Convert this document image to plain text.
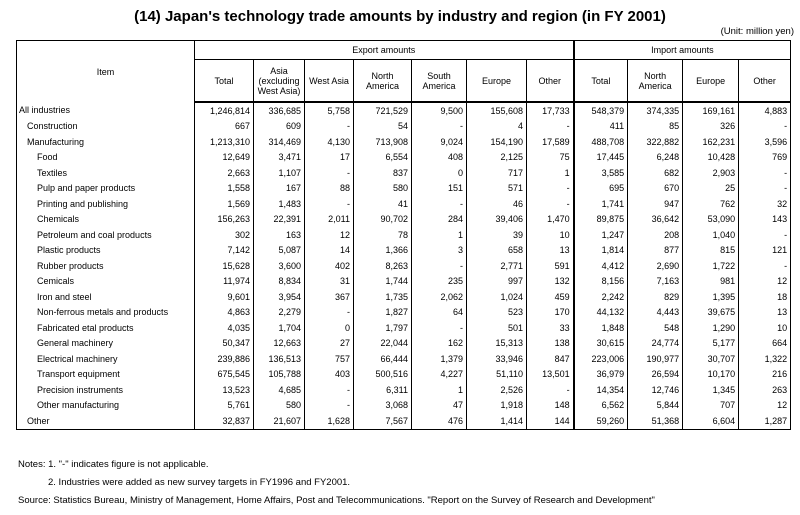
(14) Japan's technology trade amounts by industry and region (in FY 2001)
(Unit: million yen)
Item	Export amounts							Import amounts			
	Total	Asia
(excluding
West Asia)	West Asia	North
America	South
America	Europe	Other	Total	North
America	Europe	Other
All industries	1,246,814	336,685	5,758	721,529	9,500	155,608	17,733	548,379	374,335	169,161	4,883
Construction	667	609	-	54	-	4	-	411	85	326	-
Manufacturing	1,213,310	314,469	4,130	713,908	9,024	154,190	17,589	488,708	322,882	162,231	3,596
Food	12,649	3,471	17	6,554	408	2,125	75	17,445	6,248	10,428	769
Textiles	2,663	1,107	-	837	0	717	1	3,585	682	2,903	-
Pulp and paper products	1,558	167	88	580	151	571	-	695	670	25	-
Printing and publishing	1,569	1,483	-	41	-	46	-	1,741	947	762	32
Chemicals	156,263	22,391	2,011	90,702	284	39,406	1,470	89,875	36,642	53,090	143
Petroleum and coal products	302	163	12	78	1	39	10	1,247	208	1,040	-
Plastic products	7,142	5,087	14	1,366	3	658	13	1,814	877	815	121
Rubber products	15,628	3,600	402	8,263	-	2,771	591	4,412	2,690	1,722	-
Cemicals	11,974	8,834	31	1,744	235	997	132	8,156	7,163	981	12
Iron and steel	9,601	3,954	367	1,735	2,062	1,024	459	2,242	829	1,395	18
Non-ferrous metals and products	4,863	2,279	-	1,827	64	523	170	44,132	4,443	39,675	13
Fabricated etal products	4,035	1,704	0	1,797	-	501	33	1,848	548	1,290	10
General machinery	50,347	12,663	27	22,044	162	15,313	138	30,615	24,774	5,177	664
Electrical machinery	239,886	136,513	757	66,444	1,379	33,946	847	223,006	190,977	30,707	1,322
Transport equipment	675,545	105,788	403	500,516	4,227	51,110	13,501	36,979	26,594	10,170	216
Precision instruments	13,523	4,685	-	6,311	1	2,526	-	14,354	12,746	1,345	263
Other manufacturing	5,761	580	-	3,068	47	1,918	148	6,562	5,844	707	12
Other	32,837	21,607	1,628	7,567	476	1,414	144	59,260	51,368	6,604	1,287
Notes: 1. "-" indicates figure is not applicable.
2. Industries were added as new survey targets in FY1996 and FY2001.
Source: Statistics Bureau, Ministry of Management, Home Affairs, Post and Telecommunications. "Report on the Survey of Research and Development"
